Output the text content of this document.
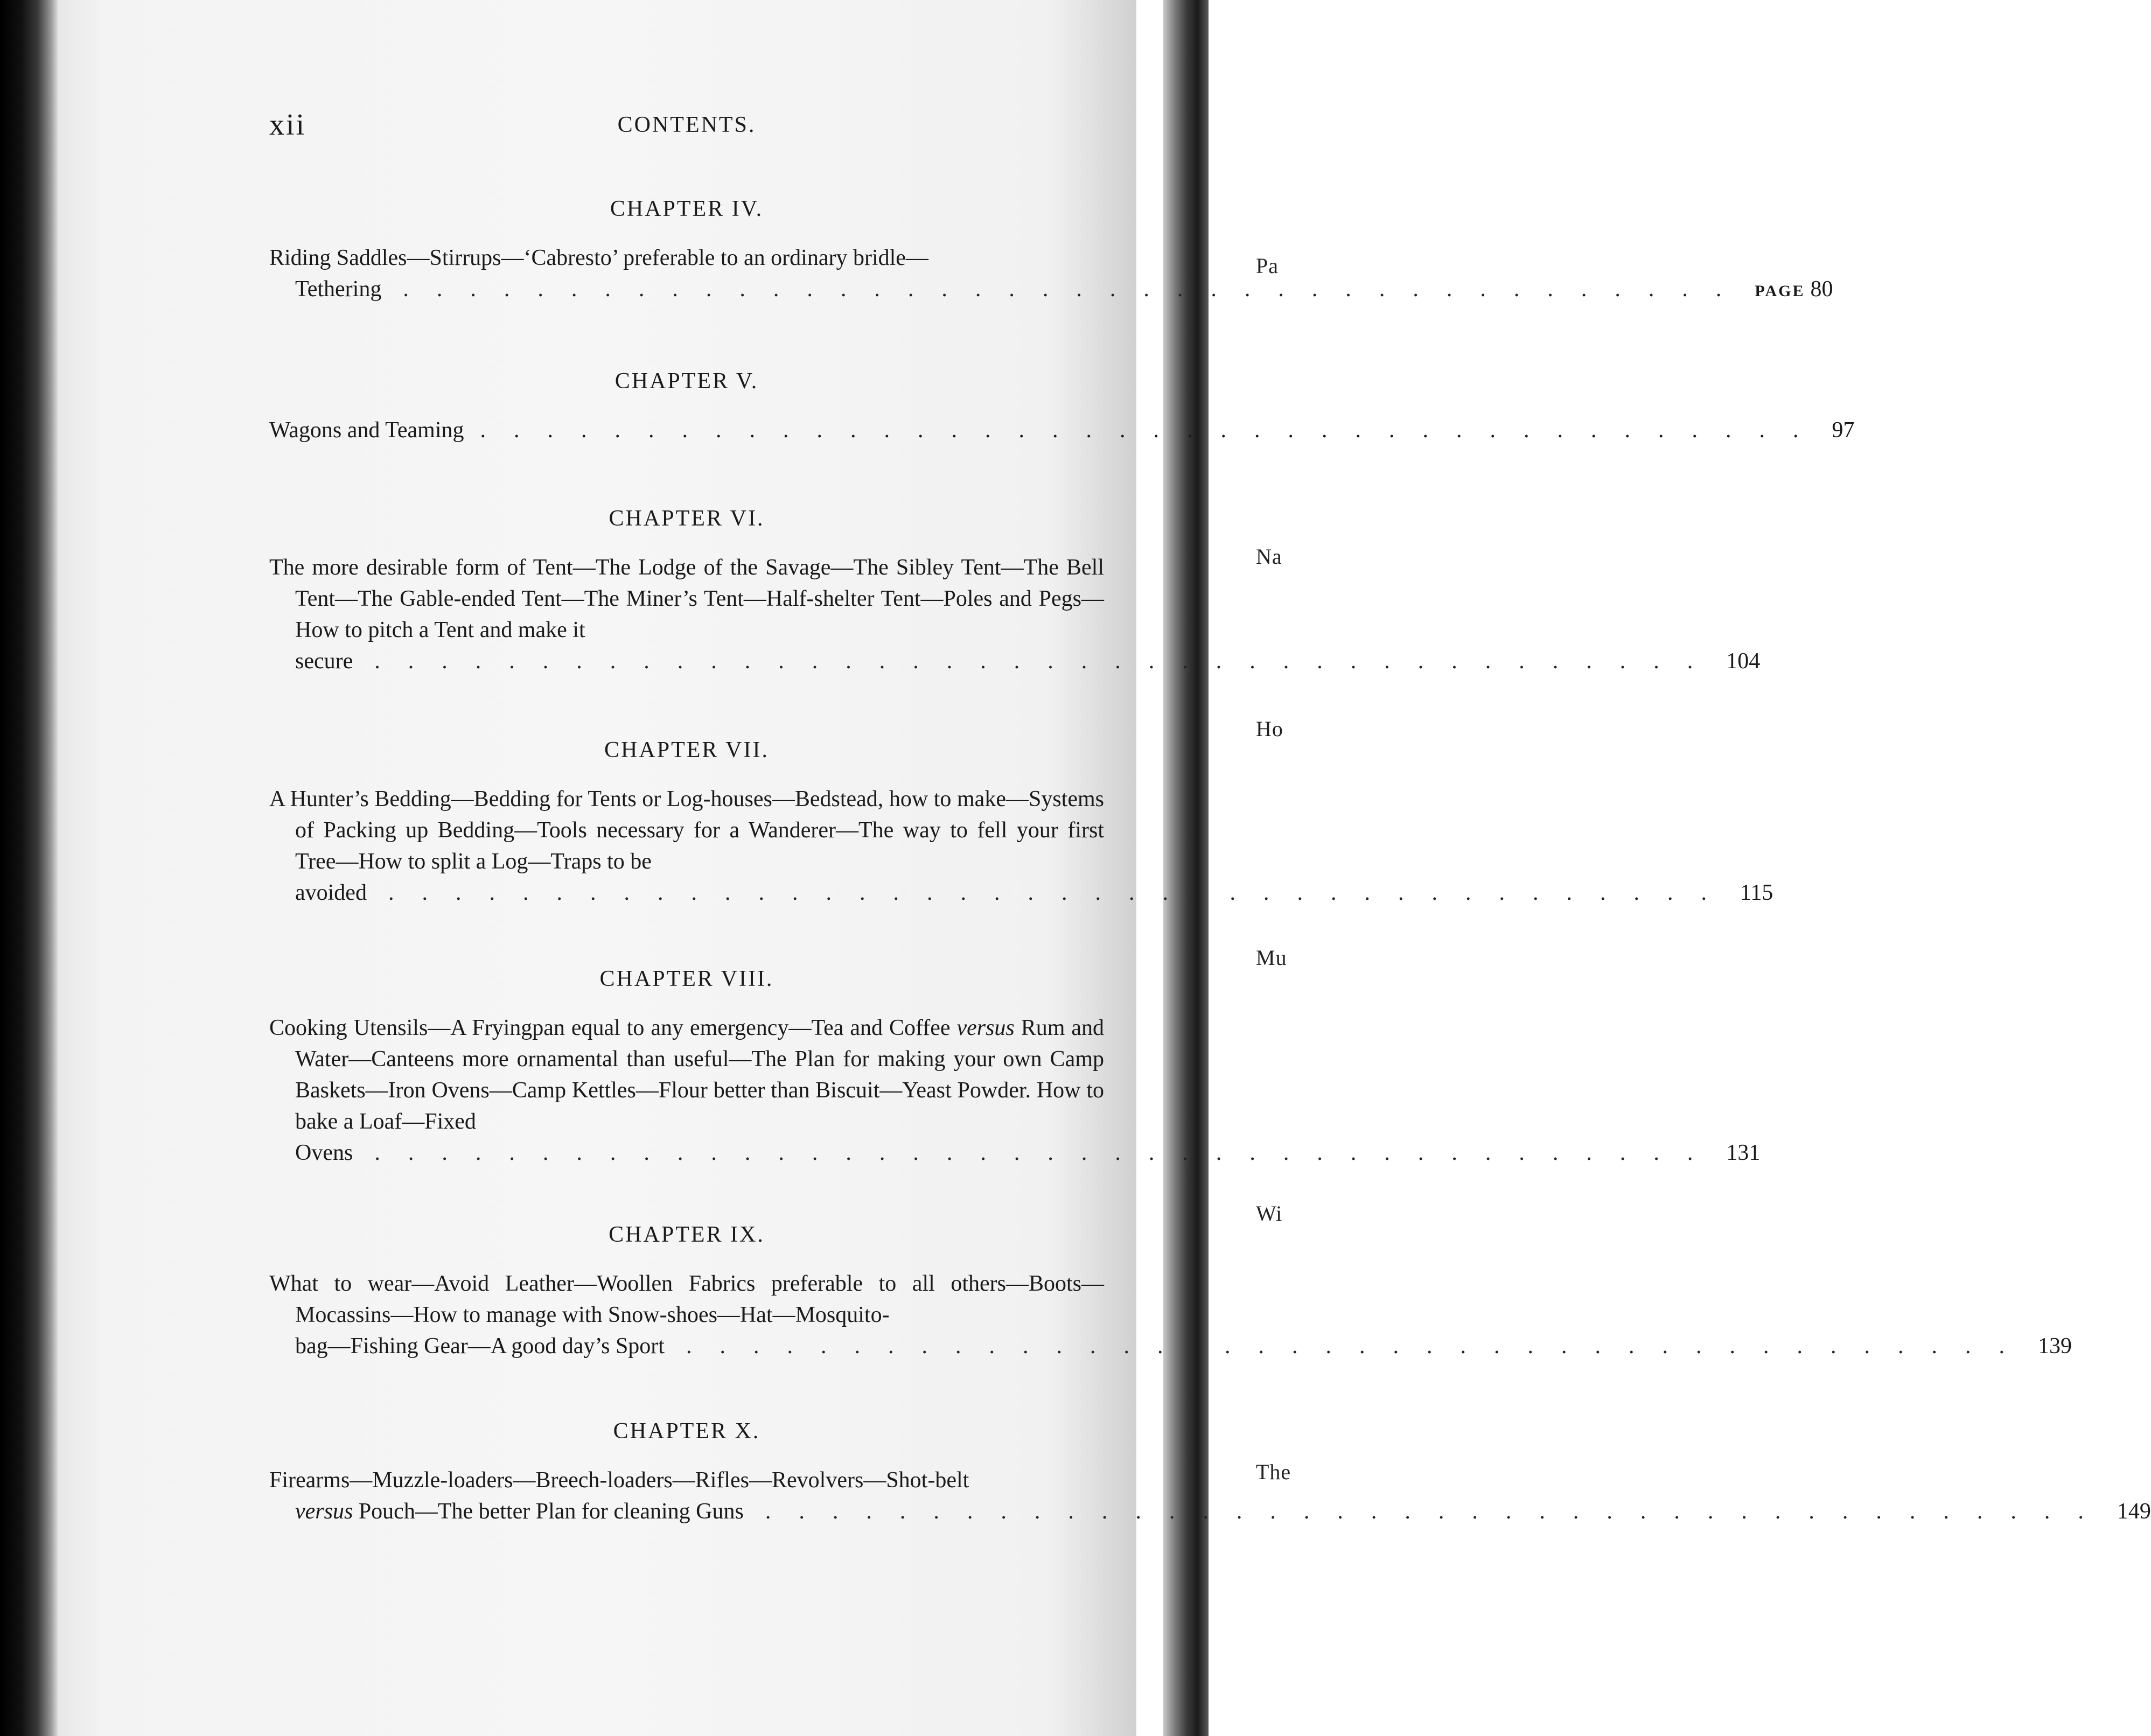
Pa
Na
Ho
Mu
Wi
The
xii	CONTENTS.
CHAPTER IV.
Riding Saddles—Stirrups—‘Cabresto’ preferable to an ordinary bridle—
Tethering ........................................ PAGE 80
CHAPTER V.
Wagons and Teaming ........................................ 97
CHAPTER VI.
The more desirable form of Tent—The Lodge of the Savage—The Sibley Tent—The Bell Tent—The Gable-ended Tent—The Miner’s Tent—Half-shelter Tent—Poles and Pegs—How to pitch a Tent and make it
secure ........................................ 104
CHAPTER VII.
A Hunter’s Bedding—Bedding for Tents or Log-houses—Bedstead, how to make—Systems of Packing up Bedding—Tools necessary for a Wanderer—The way to fell your first Tree—How to split a Log—Traps to be
avoided ........................................ 115
CHAPTER VIII.
Cooking Utensils—A Fryingpan equal to any emergency—Tea and Coffee versus Rum and Water—Canteens more ornamental than useful—The Plan for making your own Camp Baskets—Iron Ovens—Camp Kettles—Flour better than Biscuit—Yeast Powder. How to bake a Loaf—Fixed
Ovens ........................................ 131
CHAPTER IX.
What to wear—Avoid Leather—Woollen Fabrics preferable to all others—Boots—Mocassins—How to manage with Snow-shoes—Hat—Mosquito-
bag—Fishing Gear—A good day’s Sport ........................................ 139
CHAPTER X.
Firearms—Muzzle-loaders—Breech-loaders—Rifles—Revolvers—Shot-belt
versus Pouch—The better Plan for cleaning Guns ........................................ 149
